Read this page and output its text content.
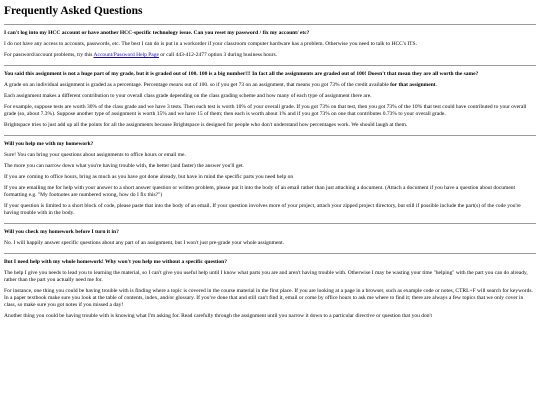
Frequently Asked Questions

I can't log into my HCC account or have another HCC-specific technology issue. Can you reset my password / fix my account/ etc?

I do not have any access to accounts, passwords, etc. The best I can do is put in a workorder if your classroom computer hardware has a problem. Otherwise you need to talk to HCC's ITS.

For password/account problems, try this Account/Password Help Page or call 443-412-2477 option 3 during business hours.

You said this assignment is not a huge part of my grade, but it is graded out of 100. 100 is a big number!!! In fact all the assignments are graded out of 100! Doesn't that mean they are all worth the same?

A grade on an individual assignment is graded as a percentage. Percentage means out of 100. so if you get 73 on an assignment, that means you got 73% of the credit available for that assignment.

Each assignment makes a different contribution to your overall class grade depending on the class grading scheme and how many of each type of assignment there are.

For example, suppose tests are worth 30% of the class grade and we have 3 tests. Then each test is worth 10% of your overall grade. If you got 73% on that test, then you got 73% of the 10% that test could have contributed to your overall grade (so, about 7.3%). Suppose another type of assignment is worth 15% and we have 15 of them; then each is worth about 1% and if you got 73% on one that contributes 0.73% to your overall grade.

Brightspace tries to just add up all the points for all the assignments because Brightspace is designed for people who don't understand how percentages work. We should laugh at them.

Will you help me with my homework?

Sure! You can bring your questions about assignments to office hours or email me.

The more you can narrow down what you're having trouble with, the better (and faster) the answer you'll get.

If you are coming to office hours, bring as much as you have got done already, but have in mind the specific parts you need help on

If you are emailing me for help with your answer to a short answer question or written problem, please put it into the body of an email rather than just attaching a document. (Attach a document if you have a question about document formatting e.g. "My footnotes are numbered wrong, how do I fix this?")

If your question is limited to a short block of code, please paste that into the body of an email. If your question involves more of your project, attach your zipped project directory, but still if possible include the part(s) of the code you're having trouble with in the body.

Will you check my homework before I turn it in?

No. I will happily answer specific questions about any part of an assignment, but I won't just pre-grade your whole assignment.

But I need help with my whole homework! Why won't you help me without a specific question?

The help I give you needs to lead you to learning the material, so I can't give you useful help until I know what parts you are and aren't having trouble with. Otherwise I may be wasting your time "helping" with the part you can do already, rather than the part you actually need me for.

For instance, one thing you could be having trouble with is finding where a topic is covered in the course material in the first place. If you are looking at a page in a browser, such as example code or notes, CTRL+F will search for keywords. In a paper textbook make sure you look at the table of contents, index, and/or glossary. If you've done that and still can't find it, email or come by office hours to ask me where to find it; there are always a few topics that we only cover in class, so make sure you got notes if you missed a day!

Another thing you could be having trouble with is knowing what I'm asking for. Read carefully through the assignment until you narrow it down to a particular directive or question that you don't
